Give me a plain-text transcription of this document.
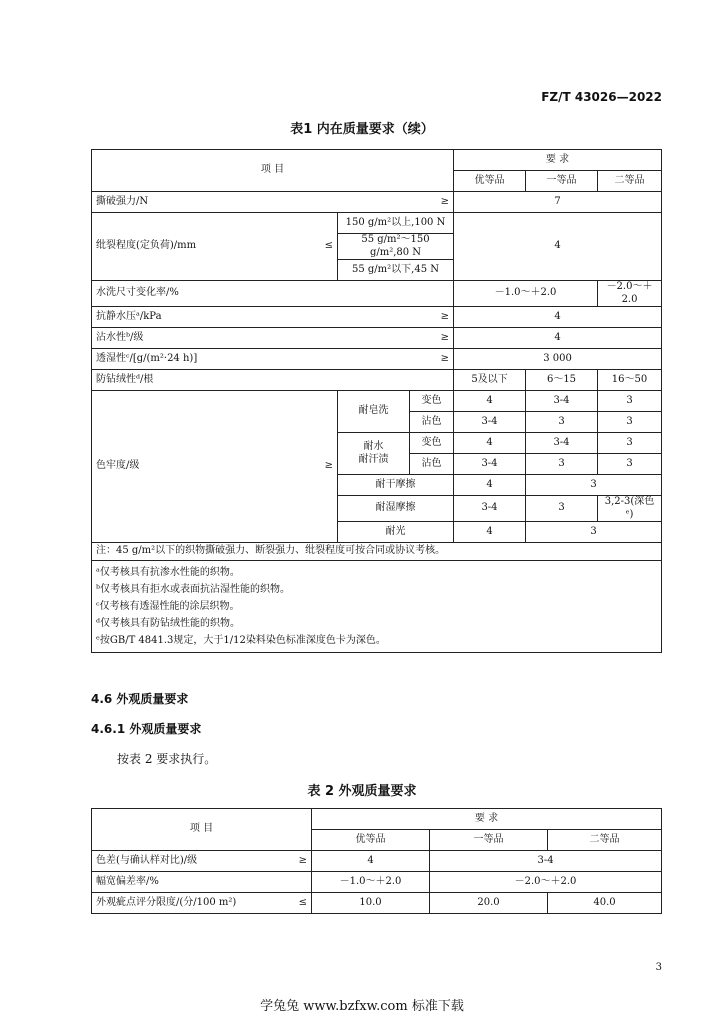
FZ/T 43026—2022
表1 内在质量要求（续）
项 目				要 求		
				优等品	一等品	二等品

撕破强力/N ≥				7		
纰裂程度(定负荷)/mm	≤	150 g/m²以上,100 N		4		
		55 g/m²～150 g/m²,80 N				
		55 g/m²以下,45 N				
水洗尺寸变化率/%				－1.0～＋2.0		－2.0～＋2.0

抗静水压ᵃ/kPa ≥				4		

沾水性ᵇ/级 ≥				4		

透湿性ᶜ/[g/(m²·24 h)] ≥				3 000		
防钻绒性ᵈ/根				5及以下	6～15	16～50
色牢度/级	≥	耐皂洗	变色	4	3-4	3
			沾色	3-4	3	3

		耐水
耐汗渍	变色	4	3-4	3
			沾色	3-4	3	3
		耐干摩擦		4	3	
		耐湿摩擦		3-4	3	3,2-3(深色ᵉ)
		耐光		4	3	
注：45 g/m²以下的织物撕破强力、断裂强力、纰裂程度可按合同或协议考核。						

ᵃ仅考核具有抗渗水性能的织物。
ᵇ仅考核具有拒水或表面抗沾湿性能的织物。
ᶜ仅考核有透湿性能的涂层织物。
ᵈ仅考核具有防钻绒性能的织物。
ᵉ按GB/T 4841.3规定，大于1/12染料染色标准深度色卡为深色。						
4.6 外观质量要求
4.6.1 外观质量要求
按表 2 要求执行。
表 2 外观质量要求
项 目	要 求		
	优等品	一等品	二等品

色差(与确认样对比)/级 ≥	4	3-4	
幅宽偏差率/%	－1.0～＋2.0	－2.0～＋2.0	

外观疵点评分限度/(分/100 m²) ≤	10.0	20.0	40.0
3
学兔兔 www.bzfxw.com 标准下载
